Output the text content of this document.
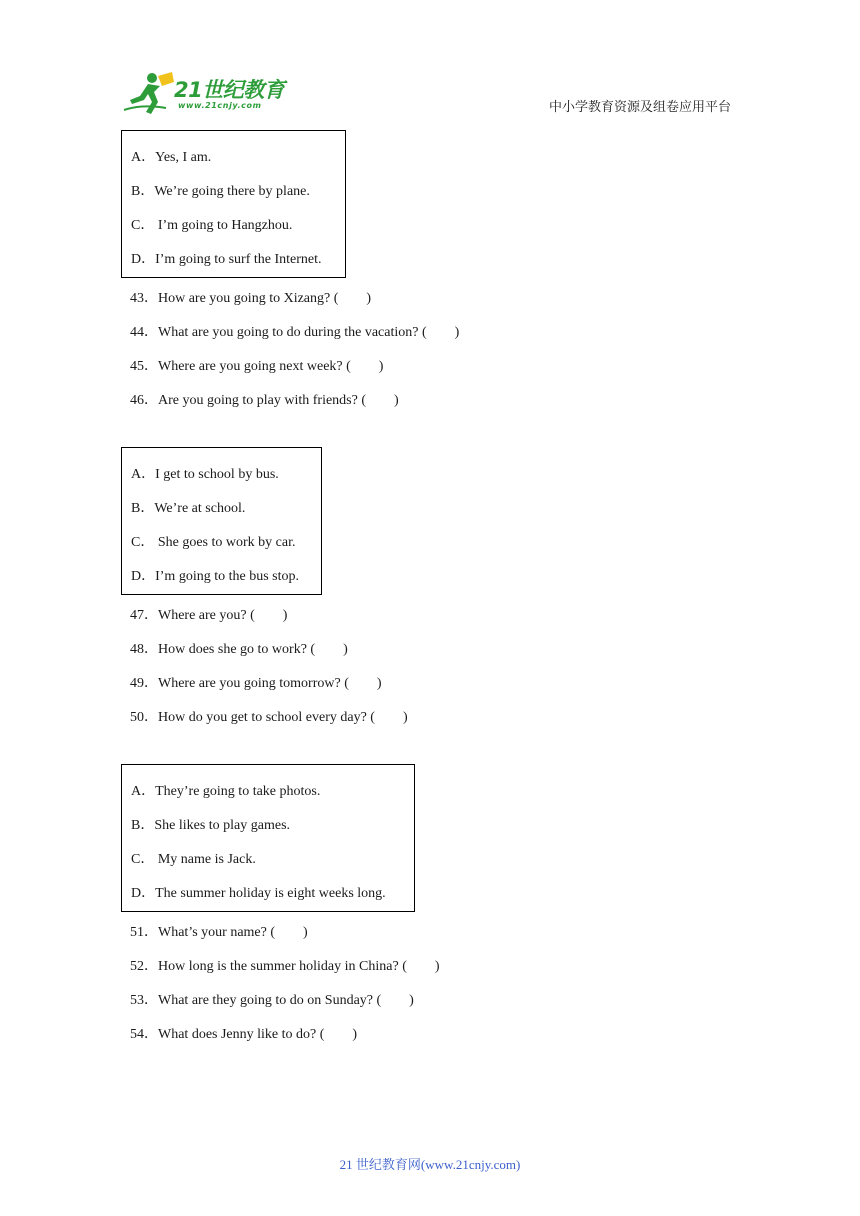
21世纪教育
www.21cnjy.com	中小学教育资源及组卷应用平台
A．Yes, I am.
B．We’re going there by plane.
C． I’m going to Hangzhou.
D．I’m going to surf the Internet.
43．How are you going to Xizang? (　　)
44．What are you going to do during the vacation? (　　)
45．Where are you going next week? (　　)
46．Are you going to play with friends? (　　)
A．I get to school by bus.
B．We’re at school.
C． She goes to work by car.
D．I’m going to the bus stop.
47．Where are you? (　　)
48．How does she go to work? (　　)
49．Where are you going tomorrow? (　　)
50．How do you get to school every day? (　　)
A．They’re going to take photos.
B．She likes to play games.
C． My name is Jack.
D．The summer holiday is eight weeks long.
51．What’s your name? (　　)
52．How long is the summer holiday in China? (　　)
53．What are they going to do on Sunday? (　　)
54．What does Jenny like to do? (　　)
21 世纪教育网(www.21cnjy.com)
